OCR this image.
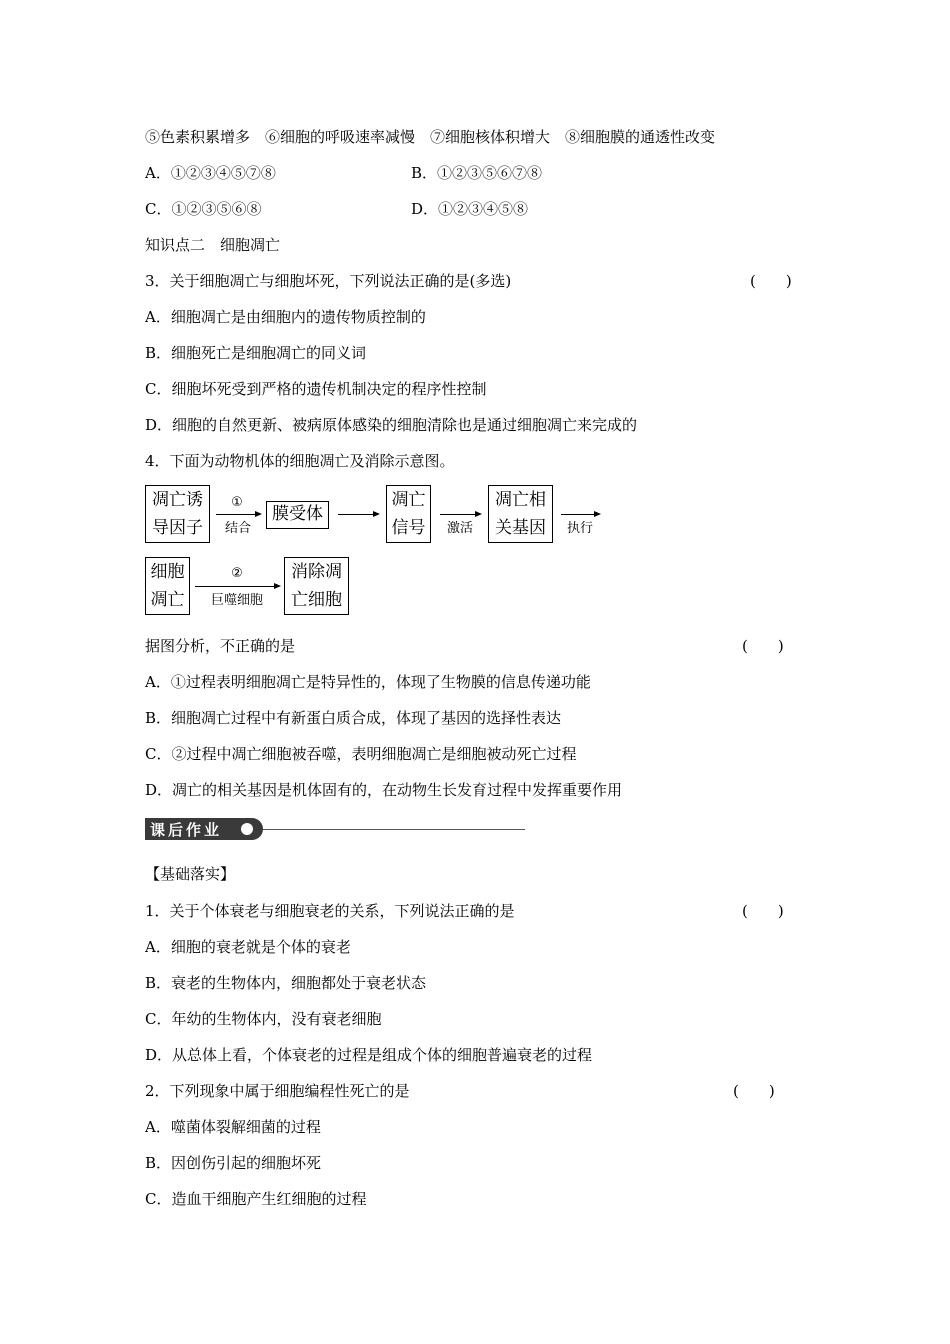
⑤色素积累增多　⑥细胞的呼吸速率减慢　⑦细胞核体积增大　⑧细胞膜的通透性改变
A．①②③④⑤⑦⑧	B．①②③⑤⑥⑦⑧
C．①②③⑤⑥⑧	D．①②③④⑤⑧
知识点二　细胞凋亡
3．关于细胞凋亡与细胞坏死，下列说法正确的是(多选)	(　　)
A．细胞凋亡是由细胞内的遗传物质控制的
B．细胞死亡是细胞凋亡的同义词
C．细胞坏死受到严格的遗传机制决定的程序性控制
D．细胞的自然更新、被病原体感染的细胞清除也是通过细胞凋亡来完成的
4．下面为动物机体的细胞凋亡及消除示意图。
凋亡诱
导因子
①
结合
膜受体
凋亡
信号	激活
凋亡相
关基因	执行
细胞
凋亡
②
巨噬细胞
消除凋
亡细胞
据图分析，不正确的是	(　　)
A．①过程表明细胞凋亡是特异性的，体现了生物膜的信息传递功能
B．细胞凋亡过程中有新蛋白质合成，体现了基因的选择性表达
C．②过程中凋亡细胞被吞噬，表明细胞凋亡是细胞被动死亡过程
D．凋亡的相关基因是机体固有的，在动物生长发育过程中发挥重要作用
课后作业
【基础落实】
1．关于个体衰老与细胞衰老的关系，下列说法正确的是	(　　)
A．细胞的衰老就是个体的衰老
B．衰老的生物体内，细胞都处于衰老状态
C．年幼的生物体内，没有衰老细胞
D．从总体上看，个体衰老的过程是组成个体的细胞普遍衰老的过程
2．下列现象中属于细胞编程性死亡的是	(　　)
A．噬菌体裂解细菌的过程
B．因创伤引起的细胞坏死
C．造血干细胞产生红细胞的过程
